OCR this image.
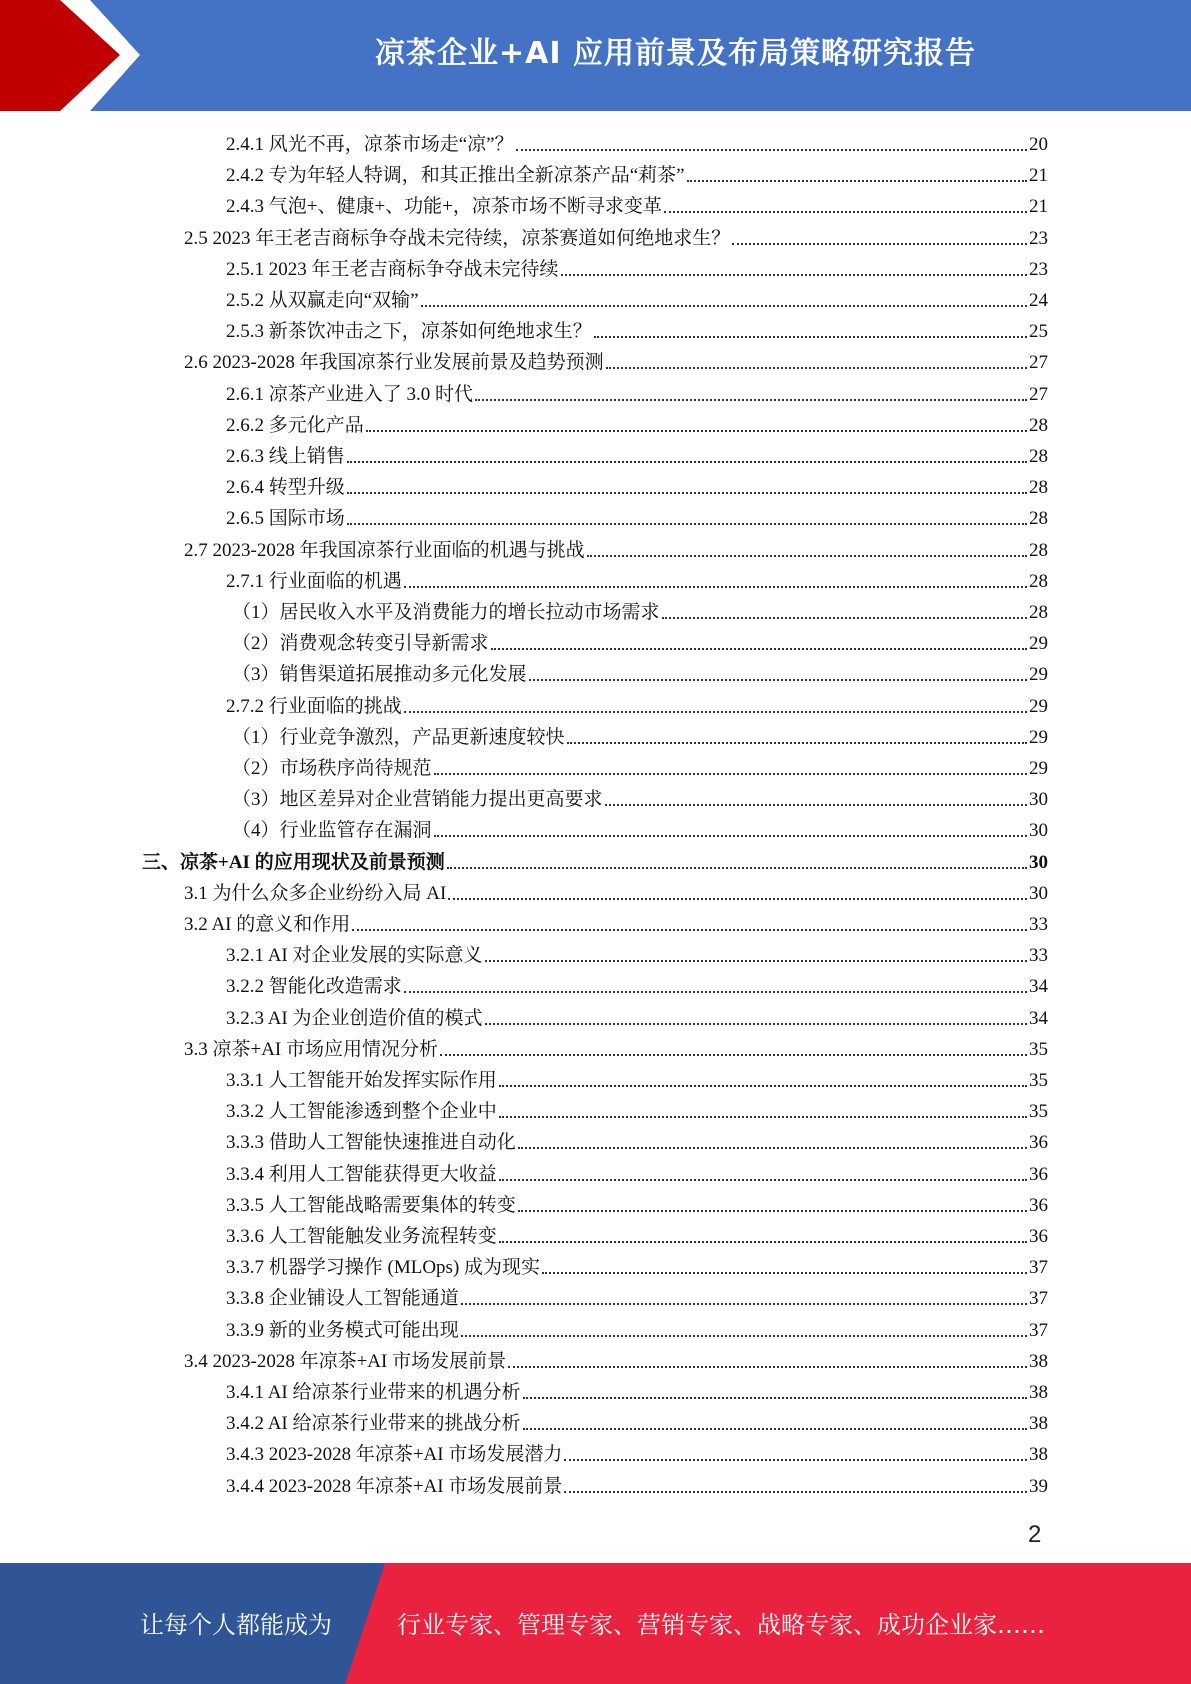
凉茶企业+AI 应用前景及布局策略研究报告
2.4.1 风光不再，凉茶市场走“凉”？	20
2.4.2 专为年轻人特调，和其正推出全新凉茶产品“莉茶”	21
2.4.3 气泡+、健康+、功能+，凉茶市场不断寻求变革	21
2.5 2023 年王老吉商标争夺战未完待续，凉茶赛道如何绝地求生？	23
2.5.1 2023 年王老吉商标争夺战未完待续	23
2.5.2 从双赢走向“双输”	24
2.5.3 新茶饮冲击之下，凉茶如何绝地求生？	25
2.6 2023-2028 年我国凉茶行业发展前景及趋势预测	27
2.6.1 凉茶产业进入了 3.0 时代	27
2.6.2 多元化产品	28
2.6.3 线上销售	28
2.6.4 转型升级	28
2.6.5 国际市场	28
2.7 2023-2028 年我国凉茶行业面临的机遇与挑战	28
2.7.1 行业面临的机遇	28
（1）居民收入水平及消费能力的增长拉动市场需求	28
（2）消费观念转变引导新需求	29
（3）销售渠道拓展推动多元化发展	29
2.7.2 行业面临的挑战	29
（1）行业竞争激烈，产品更新速度较快	29
（2）市场秩序尚待规范	29
（3）地区差异对企业营销能力提出更高要求	30
（4）行业监管存在漏洞	30
三、凉茶+AI 的应用现状及前景预测	30
3.1 为什么众多企业纷纷入局 AI	30
3.2 AI 的意义和作用	33
3.2.1 AI 对企业发展的实际意义	33
3.2.2 智能化改造需求	34
3.2.3 AI 为企业创造价值的模式	34
3.3 凉茶+AI 市场应用情况分析	35
3.3.1 人工智能开始发挥实际作用	35
3.3.2 人工智能渗透到整个企业中	35
3.3.3 借助人工智能快速推进自动化	36
3.3.4 利用人工智能获得更大收益	36
3.3.5 人工智能战略需要集体的转变	36
3.3.6 人工智能触发业务流程转变	36
3.3.7 机器学习操作 (MLOps) 成为现实	37
3.3.8 企业铺设人工智能通道	37
3.3.9 新的业务模式可能出现	37
3.4 2023-2028 年凉茶+AI 市场发展前景	38
3.4.1 AI 给凉茶行业带来的机遇分析	38
3.4.2 AI 给凉茶行业带来的挑战分析	38
3.4.3 2023-2028 年凉茶+AI 市场发展潜力	38
3.4.4 2023-2028 年凉茶+AI 市场发展前景	39
2
让每个人都能成为	行业专家、管理专家、营销专家、战略专家、成功企业家……
